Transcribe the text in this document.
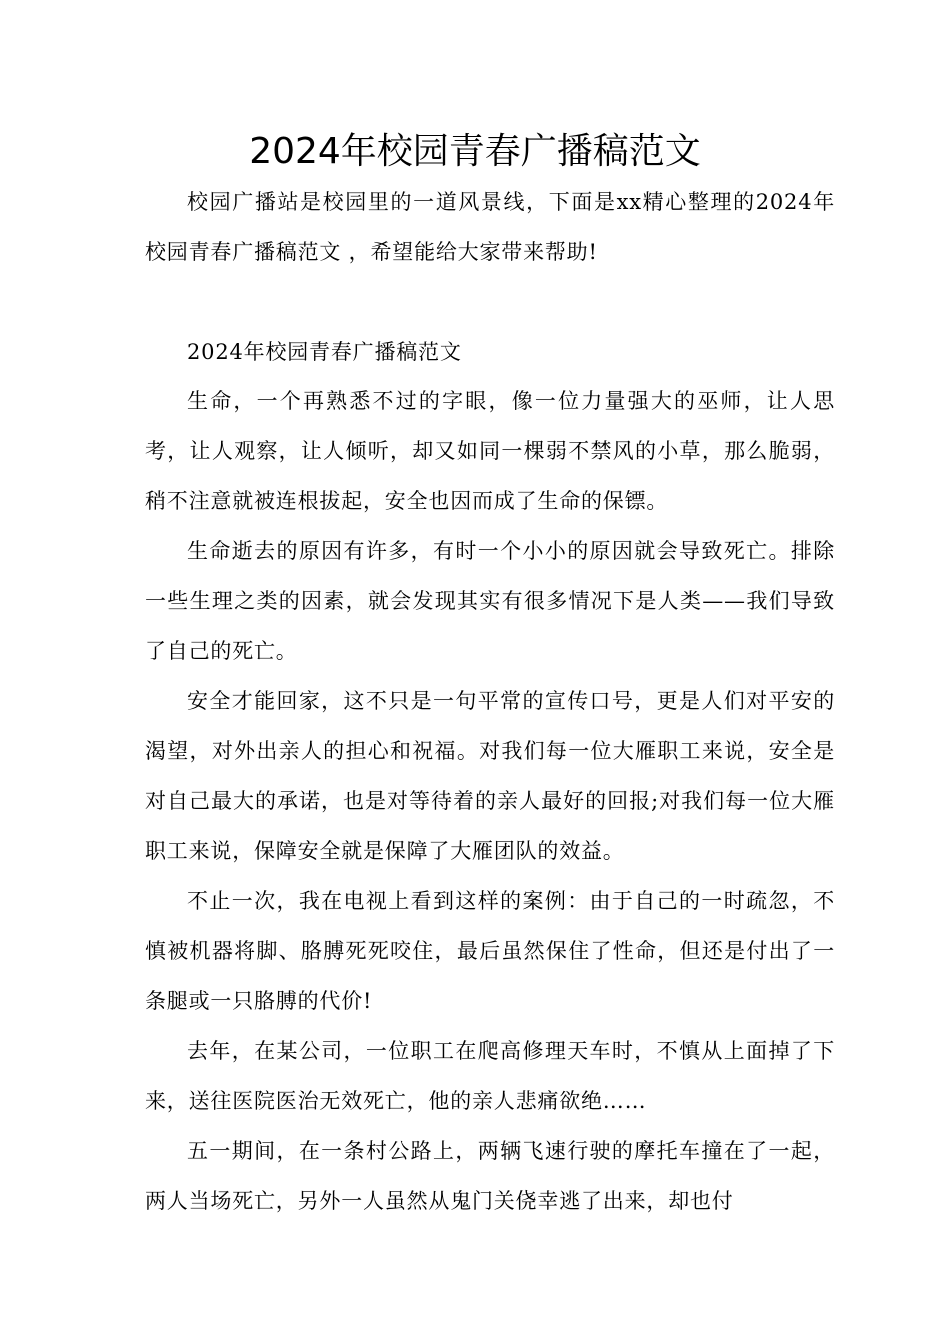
2024年校园青春广播稿范文

校园广播站是校园里的一道风景线，下面是xx精心整理的2024年校园青春广播稿范文 ，希望能给大家带来帮助!

2024年校园青春广播稿范文

生命，一个再熟悉不过的字眼，像一位力量强大的巫师，让人思考，让人观察，让人倾听，却又如同一棵弱不禁风的小草，那么脆弱，稍不注意就被连根拔起，安全也因而成了生命的保镖。

生命逝去的原因有许多，有时一个小小的原因就会导致死亡。排除一些生理之类的因素，就会发现其实有很多情况下是人类——我们导致了自己的死亡。

安全才能回家，这不只是一句平常的宣传口号，更是人们对平安的渴望，对外出亲人的担心和祝福。对我们每一位大雁职工来说，安全是对自己最大的承诺，也是对等待着的亲人最好的回报;对我们每一位大雁职工来说，保障安全就是保障了大雁团队的效益。

不止一次，我在电视上看到这样的案例：由于自己的一时疏忽，不慎被机器将脚、胳膊死死咬住，最后虽然保住了性命，但还是付出了一条腿或一只胳膊的代价!

去年，在某公司，一位职工在爬高修理天车时，不慎从上面掉了下来，送往医院医治无效死亡，他的亲人悲痛欲绝……

五一期间，在一条村公路上，两辆飞速行驶的摩托车撞在了一起，两人当场死亡，另外一人虽然从鬼门关侥幸逃了出来，却也付
